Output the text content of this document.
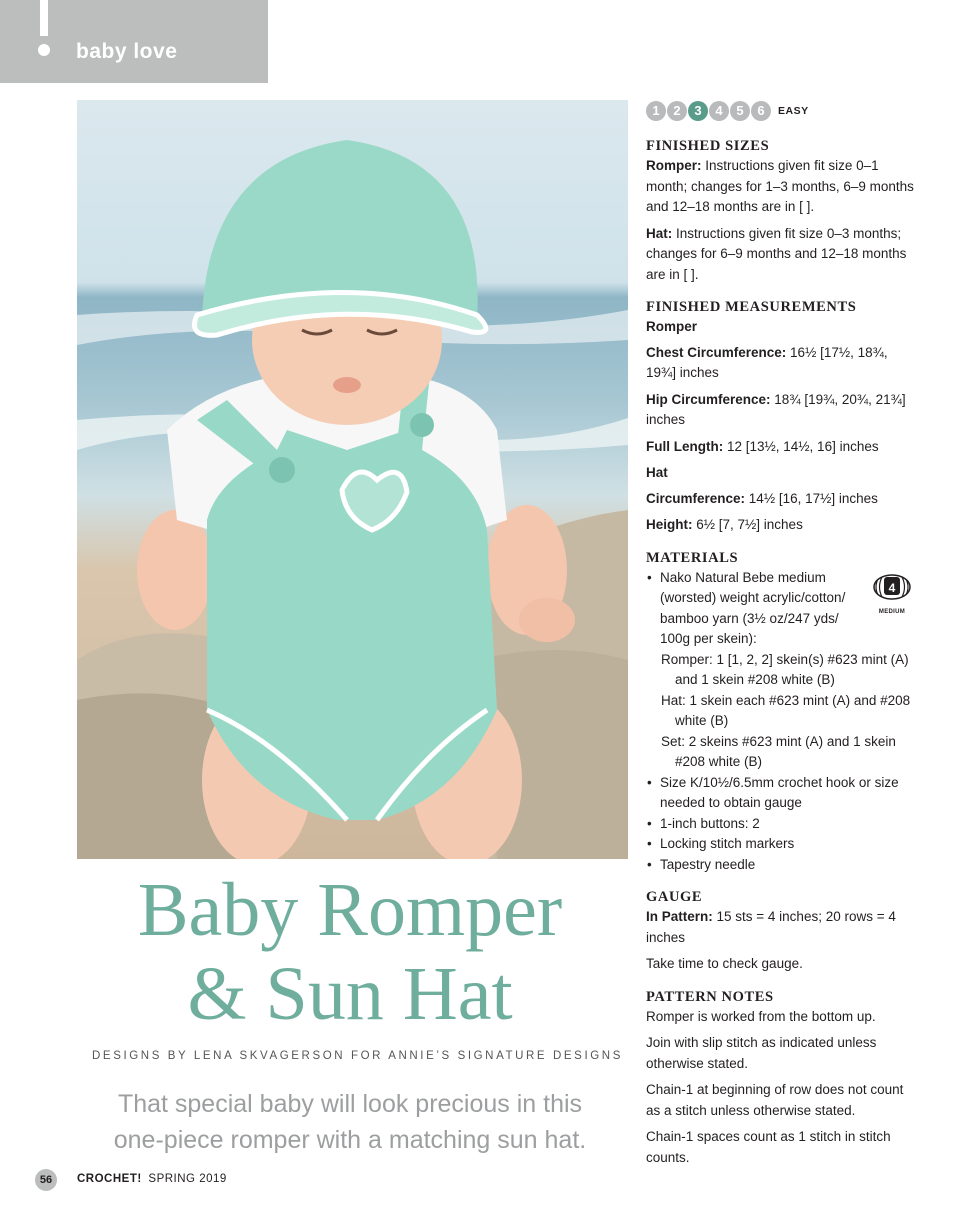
baby love
Baby Romper
& Sun Hat
DESIGNS BY LENA SKVAGERSON FOR ANNIE’S SIGNATURE DESIGNS
That special baby will look precious in this
one-piece romper with a matching sun hat.
56	CROCHET! SPRING 2019
1	2	3	4	5	6	EASY
FINISHED SIZES

Romper: Instructions given fit size 0–1 month; changes for 1–3 months, 6–9 months and 12–18 months are in [ ].

Hat: Instructions given fit size 0–3 months; changes for 6–9 months and 12–18 months are in [ ].

FINISHED MEASUREMENTS
Romper

Chest Circumference: 16½ [17½, 18¾, 19¾] inches

Hip Circumference: 18¾ [19¾, 20¾, 21¾] inches

Full Length: 12 [13½, 14½, 16] inches

Hat

Circumference: 14½ [16, 17½] inches

Height: 6½ [7, 7½] inches

MATERIALS
• Nako Natural Bebe medium (worsted) weight acrylic/cotton/ bamboo yarn (3½ oz/247 yds/ 100g per skein):
Romper: 1 [1, 2, 2] skein(s) #623 mint (A) and 1 skein #208 white (B)
Hat: 1 skein each #623 mint (A) and #208 white (B)
Set: 2 skeins #623 mint (A) and 1 skein #208 white (B)
• Size K/10½/6.5mm crochet hook or size needed to obtain gauge
• 1-inch buttons: 2
• Locking stitch markers
• Tapestry needle
GAUGE

In Pattern: 15 sts = 4 inches; 20 rows = 4 inches

Take time to check gauge.

PATTERN NOTES

Romper is worked from the bottom up.

Join with slip stitch as indicated unless otherwise stated.

Chain-1 at beginning of row does not count as a stitch unless otherwise stated.

Chain-1 spaces count as 1 stitch in stitch counts.

4
MEDIUM
